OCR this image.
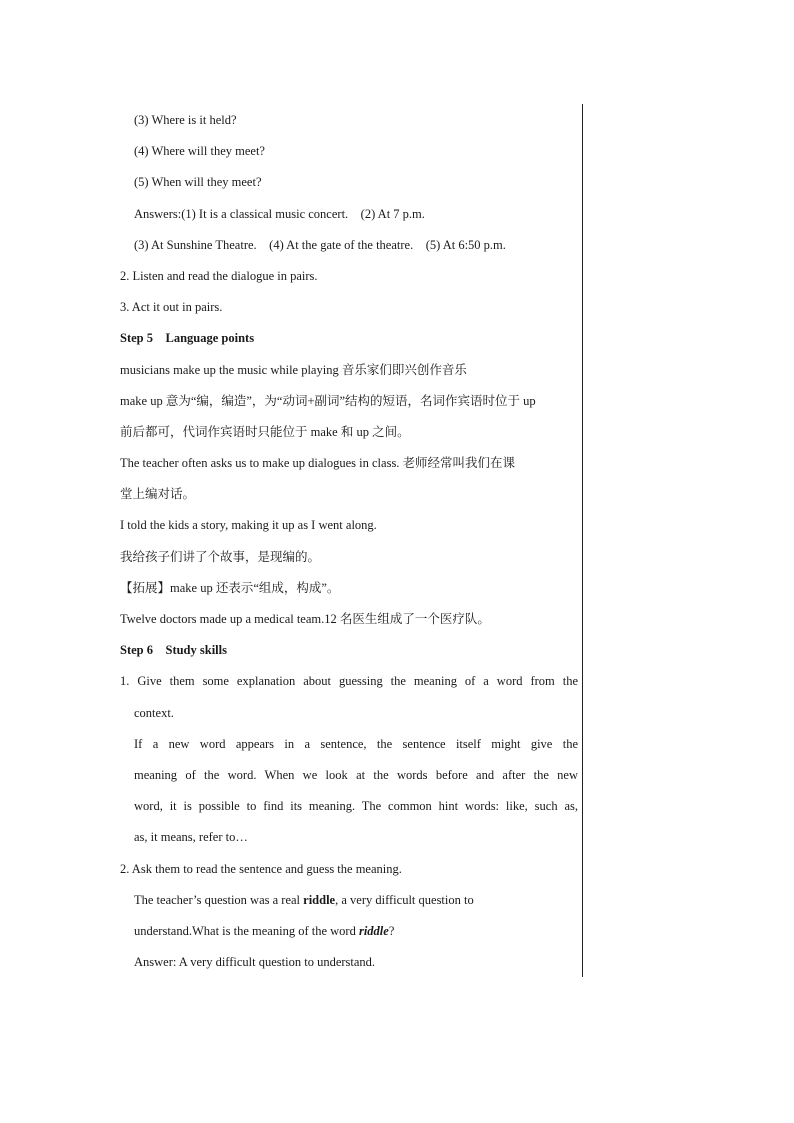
(3) Where is it held?
(4) Where will they meet?
(5) When will they meet?
Answers:(1) It is a classical music concert.    (2) At 7 p.m.
(3) At Sunshine Theatre.    (4) At the gate of the theatre.    (5) At 6:50 p.m.
2. Listen and read the dialogue in pairs.
3. Act it out in pairs.
Step 5    Language points
musicians make up the music while playing 音乐家们即兴创作音乐
make up 意为“编，编造”，为“动词+副词”结构的短语，名词作宾语时位于 up
前后都可，代词作宾语时只能位于 make 和 up 之间。
The teacher often asks us to make up dialogues in class. 老师经常叫我们在课
堂上编对话。
I told the kids a story, making it up as I went along.
我给孩子们讲了个故事，是现编的。
【拓展】make up 还表示“组成，构成”。
Twelve doctors made up a medical team.12 名医生组成了一个医疗队。
Step 6    Study skills
1. Give them some explanation about guessing the meaning of a word from the
context.
If a new word appears in a sentence, the sentence itself might give the
meaning of the word. When we look at the words before and after the new
word, it is possible to find its meaning. The common hint words: like, such as,
as, it means, refer to…
2. Ask them to read the sentence and guess the meaning.
The teacher’s question was a real riddle, a very difficult question to
understand.What is the meaning of the word riddle?
Answer: A very difficult question to understand.
